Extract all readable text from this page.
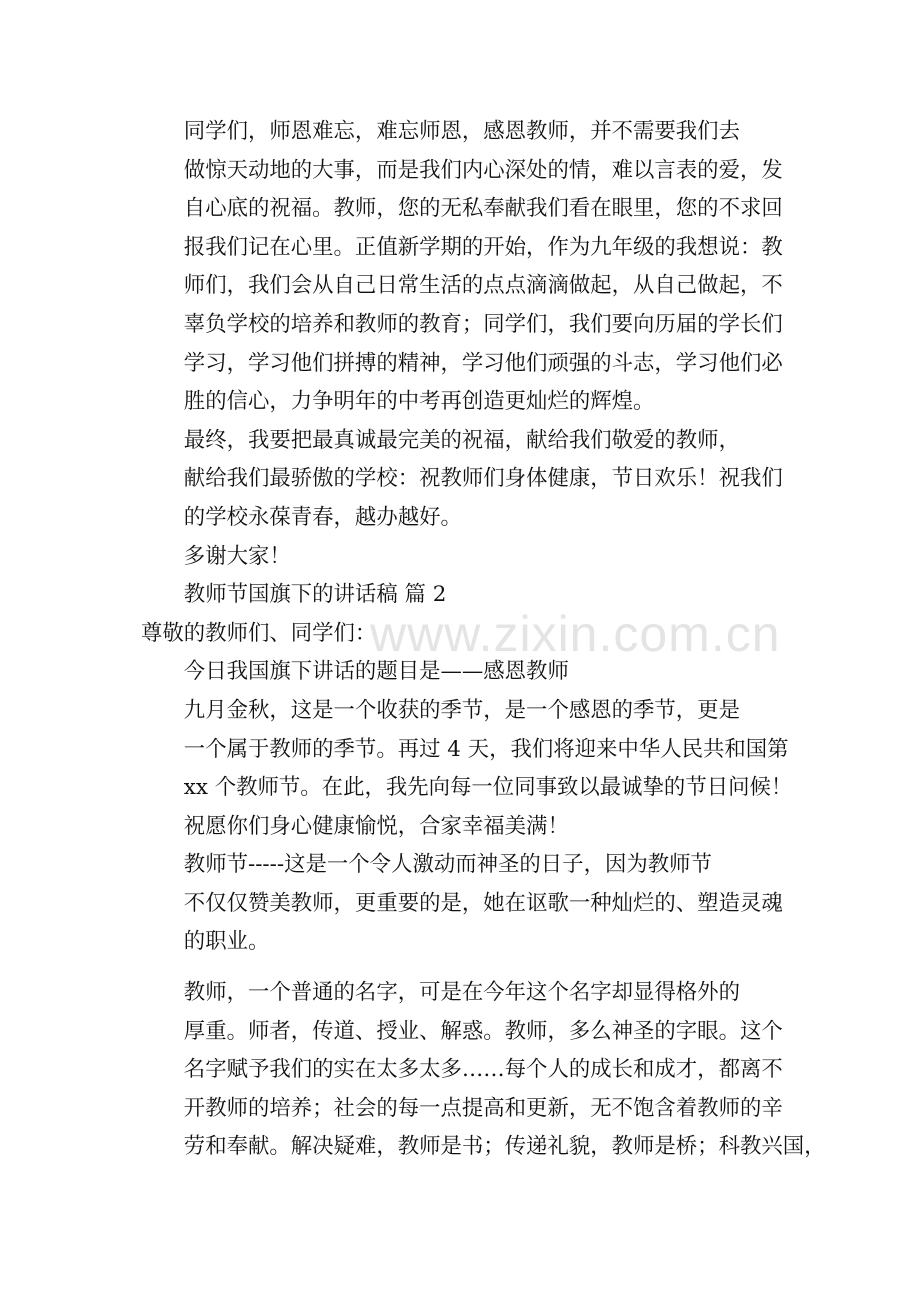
www.zixin.com.cn

同学们，师恩难忘，难忘师恩，感恩教师，并不需要我们去
做惊天动地的大事，而是我们内心深处的情，难以言表的爱，发
自心底的祝福。教师，您的无私奉献我们看在眼里，您的不求回
报我们记在心里。正值新学期的开始，作为九年级的我想说：教
师们，我们会从自己日常生活的点点滴滴做起，从自己做起，不
辜负学校的培养和教师的教育；同学们，我们要向历届的学长们
学习，学习他们拼搏的精神，学习他们顽强的斗志，学习他们必
胜的信心，力争明年的中考再创造更灿烂的辉煌。

最终，我要把最真诚最完美的祝福，献给我们敬爱的教师，
献给我们最骄傲的学校：祝教师们身体健康，节日欢乐！祝我们
的学校永葆青春，越办越好。

多谢大家！

教师节国旗下的讲话稿 篇 2

尊敬的教师们、同学们：

今日我国旗下讲话的题目是——感恩教师

九月金秋，这是一个收获的季节，是一个感恩的季节，更是
一个属于教师的季节。再过 4 天，我们将迎来中华人民共和国第
xx 个教师节。在此，我先向每一位同事致以最诚挚的节日问候！
祝愿你们身心健康愉悦，合家幸福美满！

教师节-----这是一个令人激动而神圣的日子，因为教师节
不仅仅赞美教师，更重要的是，她在讴歌一种灿烂的、塑造灵魂
的职业。

教师，一个普通的名字，可是在今年这个名字却显得格外的
厚重。师者，传道、授业、解惑。教师，多么神圣的字眼。这个
名字赋予我们的实在太多太多……每个人的成长和成才，都离不
开教师的培养；社会的每一点提高和更新，无不饱含着教师的辛
劳和奉献。解决疑难，教师是书；传递礼貌，教师是桥；科教兴国，
